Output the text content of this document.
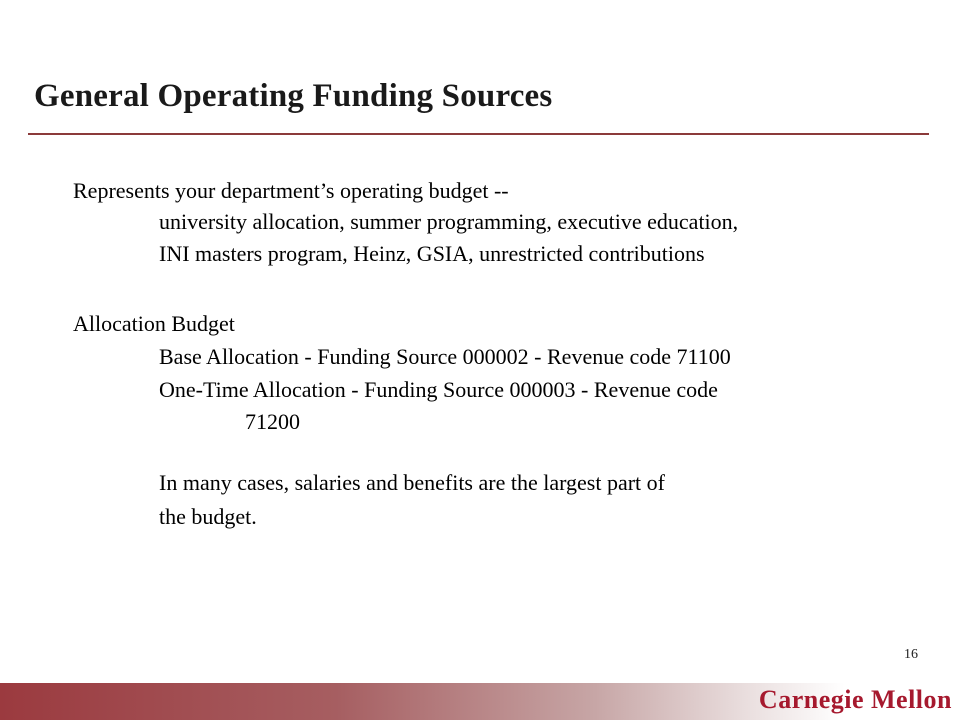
General Operating Funding Sources
Represents your department’s operating budget --
university allocation, summer programming, executive education,
INI masters program, Heinz, GSIA, unrestricted contributions
Allocation Budget
Base Allocation - Funding Source 000002 - Revenue code 71100
One-Time Allocation - Funding Source 000003 - Revenue code
71200
In many cases, salaries and benefits are the largest part of
the budget.
16
Carnegie Mellon
